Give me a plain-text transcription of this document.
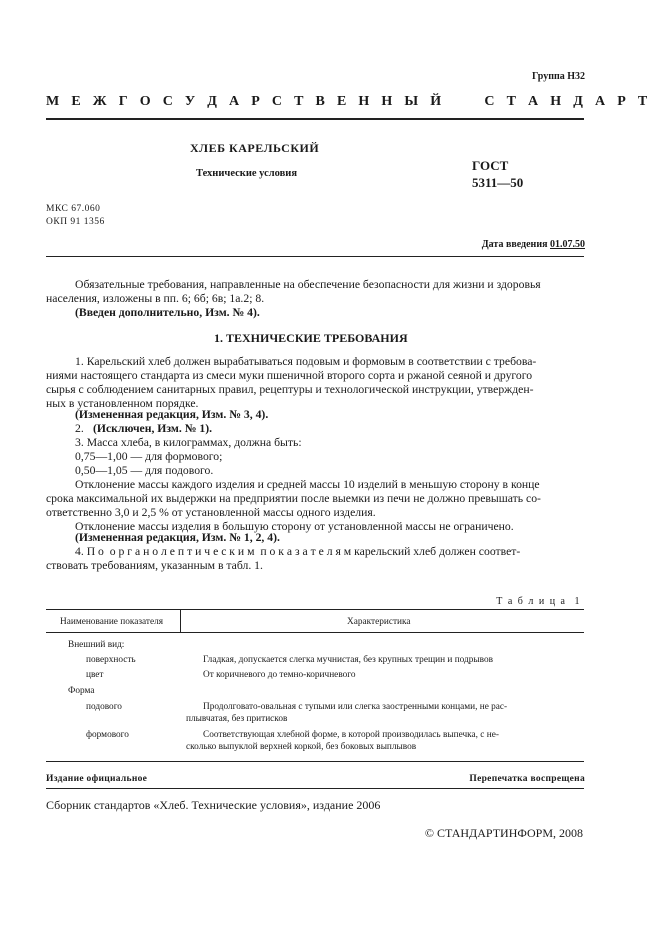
Группа Н32
М Е Ж Г О С У Д А Р С Т В Е Н Н Ы Й     С Т А Н Д А Р Т
ХЛЕБ КАРЕЛЬСКИЙ
Технические условия
ГОСТ
5311—50
МКС 67.060
ОКП 91 1356
Дата введения 01.07.50
Обязательные требования, направленные на обеспечение безопасности для жизни и здоровья
населения, изложены в пп. 6; 6б; 6в; 1а.2; 8.
(Введен дополнительно, Изм. № 4).
1. ТЕХНИЧЕСКИЕ ТРЕБОВАНИЯ
1. Карельский хлеб должен вырабатываться подовым и формовым в соответствии с требова-
ниями настоящего стандарта из смеси муки пшеничной второго сорта и ржаной сеяной и другого
сырья с соблюдением санитарных правил, рецептуры и технологической инструкции, утвержден-
ных в установленном порядке.
(Измененная редакция, Изм. № 3, 4).
2. (Исключен, Изм. № 1).
3. Масса хлеба, в килограммах, должна быть:
0,75—1,00 — для формового;
0,50—1,05 — для подового.
Отклонение массы каждого изделия и средней массы 10 изделий в меньшую сторону в конце
срока максимальной их выдержки на предприятии после выемки из печи не должно превышать со-
ответственно 3,0 и 2,5 % от установленной массы одного изделия.
Отклонение массы изделия в большую сторону от установленной массы не ограничено.
(Измененная редакция, Изм. № 1, 2, 4).
4. П о  о р г а н о л е п т и ч е с к и м  п о к а з а т е л я м карельский хлеб должен соответ-
ствовать требованиям, указанным в табл. 1.
Т а б л и ц а  1
Наименование показателя	Характеристика
Внешний вид:
поверхность	Гладкая, допускается слегка мучнистая, без крупных трещин и подрывов
цвет	От коричневого до темно-коричневого
Форма
подового	Продолговато-овальная с тупыми или слегка заостренными концами, не рас-
плывчатая, без притисков
формового	Соответствующая хлебной форме, в которой производилась выпечка, с не-
сколько выпуклой верхней коркой, без боковых выплывов
Издание официальное	Перепечатка воспрещена
Сборник стандартов «Хлеб. Технические условия», издание 2006
© СТАНДАРТИНФОРМ, 2008
